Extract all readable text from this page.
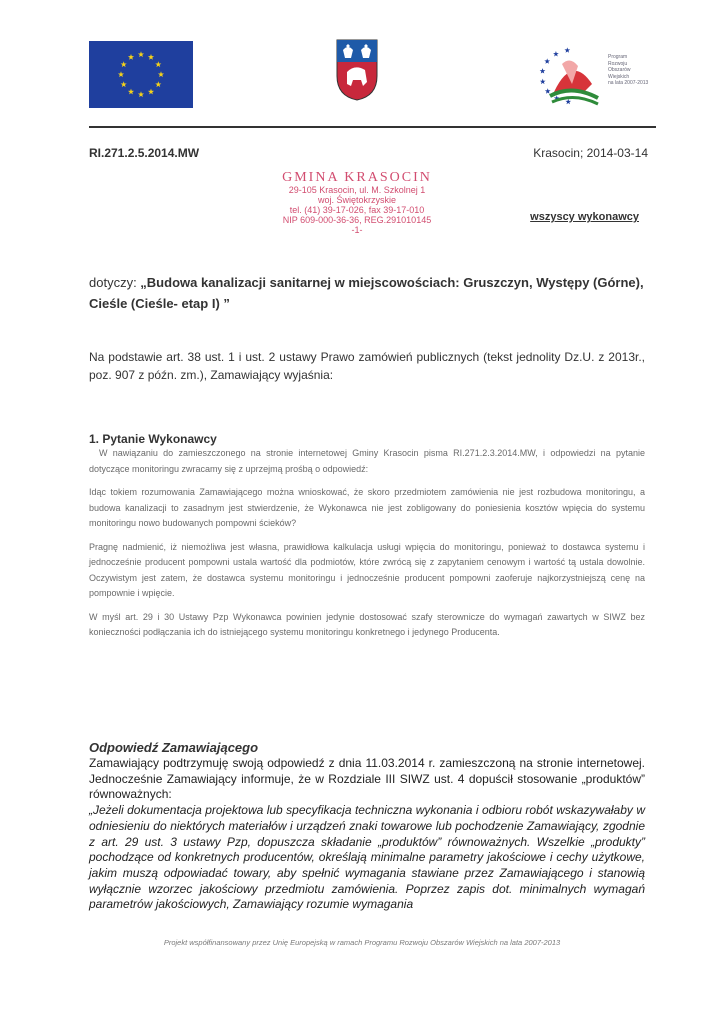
Program
Rozwoju
Obszarów
Wiejskich
na lata 2007-2013
RI.271.2.5.2014.MW	Krasocin; 2014-03-14
GMINA KRASOCIN
29-105 Krasocin, ul. M. Szkolnej 1
woj. Świętokrzyskie
tel. (41) 39-17-026, fax 39-17-010
NIP 609-000-36-36, REG.291010145
-1-
wszyscy wykonawcy
dotyczy: „Budowa kanalizacji sanitarnej w miejscowościach: Gruszczyn, Występy (Górne), Cieśle (Cieśle- etap I) ”
Na podstawie art. 38 ust. 1 i ust. 2 ustawy Prawo zamówień publicznych (tekst jednolity Dz.U. z 2013r., poz. 907 z późn. zm.), Zamawiający wyjaśnia:
1. Pytanie Wykonawcy

W nawiązaniu do zamieszczonego na stronie internetowej Gminy Krasocin pisma RI.271.2.3.2014.MW, i odpowiedzi na pytanie dotyczące monitoringu zwracamy się z uprzejmą prośbą o odpowiedź:

Idąc tokiem rozumowania Zamawiającego można wnioskować, że skoro przedmiotem zamówienia nie jest rozbudowa monitoringu, a budowa kanalizacji to zasadnym jest stwierdzenie, że Wykonawca nie jest zobligowany do poniesienia kosztów wpięcia do systemu monitoringu nowo budowanych pompowni ścieków?

Pragnę nadmienić, iż niemożliwa jest własna, prawidłowa kalkulacja usługi wpięcia do monitoringu, ponieważ to dostawca systemu i jednocześnie producent pompowni ustala wartość dla podmiotów, które zwrócą się z zapytaniem cenowym i wartość tą ustala dowolnie. Oczywistym jest zatem, że dostawca systemu monitoringu i jednocześnie producent pompowni zaoferuje najkorzystniejszą cenę na pompownie i wpięcie.

W myśl art. 29 i 30 Ustawy Pzp Wykonawca powinien jedynie dostosować szafy sterownicze do wymagań zawartych w SIWZ bez konieczności podłączania ich do istniejącego systemu monitoringu konkretnego i jedynego Producenta.

Odpowiedź Zamawiającego

Zamawiający podtrzymuję swoją odpowiedź z dnia 11.03.2014 r. zamieszczoną na stronie internetowej. Jednocześnie Zamawiający informuje, że w Rozdziale III SIWZ ust. 4 dopuścił stosowanie „produktów” równoważnych:

„Jeżeli dokumentacja projektowa lub specyfikacja techniczna wykonania i odbioru robót wskazywałaby w odniesieniu do niektórych materiałów i urządzeń znaki towarowe lub pochodzenie Zamawiający, zgodnie z art. 29 ust. 3 ustawy Pzp, dopuszcza składanie „produktów” równoważnych. Wszelkie „produkty” pochodzące od konkretnych producentów, określają minimalne parametry jakościowe i cechy użytkowe, jakim muszą odpowiadać towary, aby spełnić wymagania stawiane przez Zamawiającego i stanowią wyłącznie wzorzec jakościowy przedmiotu zamówienia. Poprzez zapis dot. minimalnych wymagań parametrów jakościowych, Zamawiający rozumie wymagania

Projekt współfinansowany przez Unię Europejską w ramach Programu Rozwoju Obszarów Wiejskich na lata 2007-2013
